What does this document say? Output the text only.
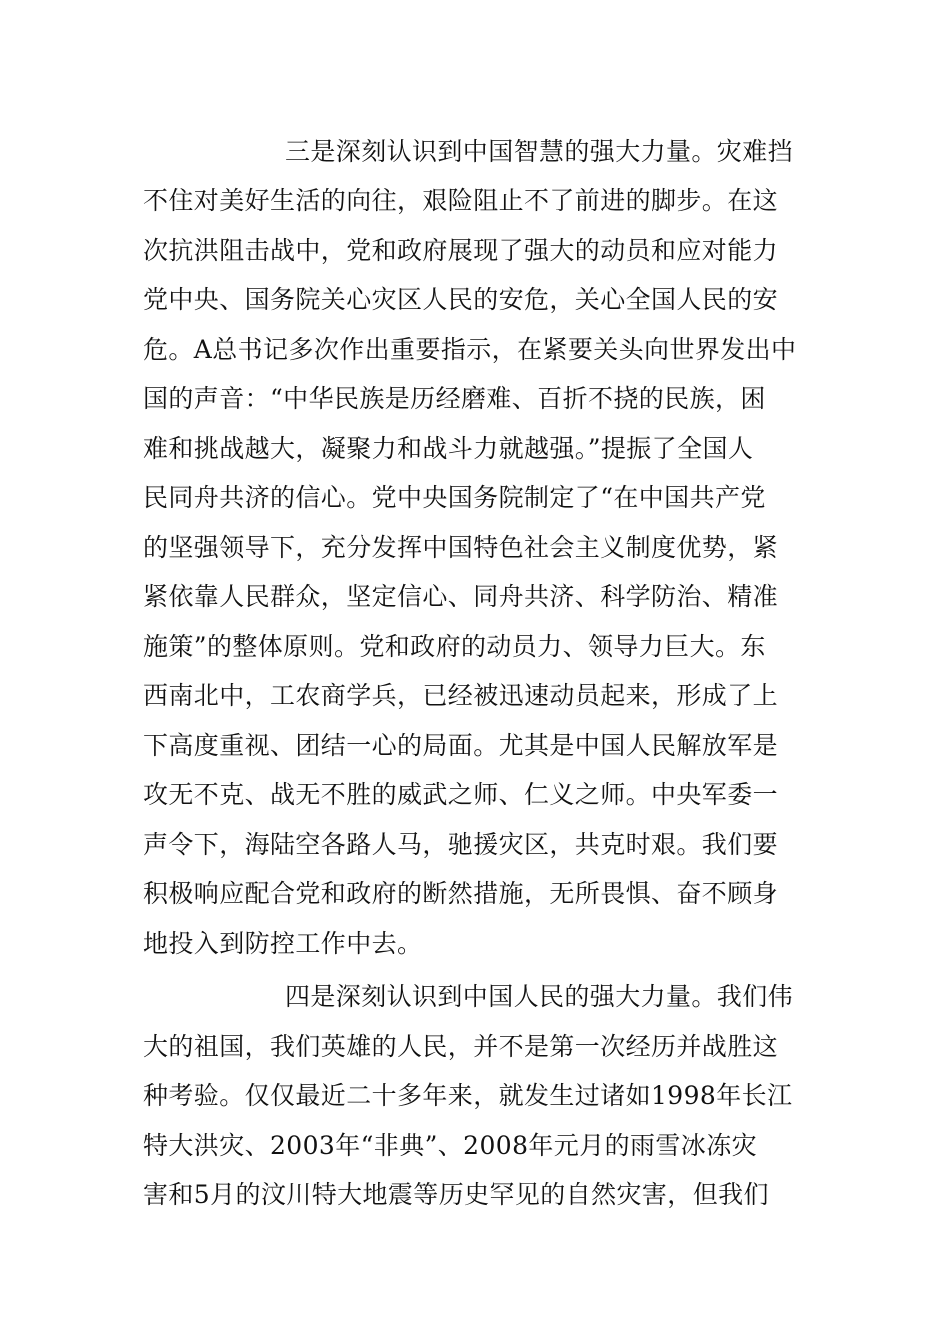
三是深刻认识到中国智慧的强大力量。灾难挡
不住对美好生活的向往，艰险阻止不了前进的脚步。在这
次抗洪阻击战中，党和政府展现了强大的动员和应对能力
党中央、国务院关心灾区人民的安危，关心全国人民的安
危。A总书记多次作出重要指示，在紧要关头向世界发出中
国的声音：“中华民族是历经磨难、百折不挠的民族，困
难和挑战越大，凝聚力和战斗力就越强。”提振了全国人
民同舟共济的信心。党中央国务院制定了“在中国共产党
的坚强领导下，充分发挥中国特色社会主义制度优势，紧
紧依靠人民群众，坚定信心、同舟共济、科学防治、精准
施策”的整体原则。党和政府的动员力、领导力巨大。东
西南北中，工农商学兵，已经被迅速动员起来，形成了上
下高度重视、团结一心的局面。尤其是中国人民解放军是
攻无不克、战无不胜的威武之师、仁义之师。中央军委一
声令下，海陆空各路人马，驰援灾区，共克时艰。我们要
积极响应配合党和政府的断然措施，无所畏惧、奋不顾身
地投入到防控工作中去。
四是深刻认识到中国人民的强大力量。我们伟
大的祖国，我们英雄的人民，并不是第一次经历并战胜这
种考验。仅仅最近二十多年来，就发生过诸如1998年长江
特大洪灾、2003年“非典”、2008年元月的雨雪冰冻灾
害和5月的汶川特大地震等历史罕见的自然灾害，但我们
